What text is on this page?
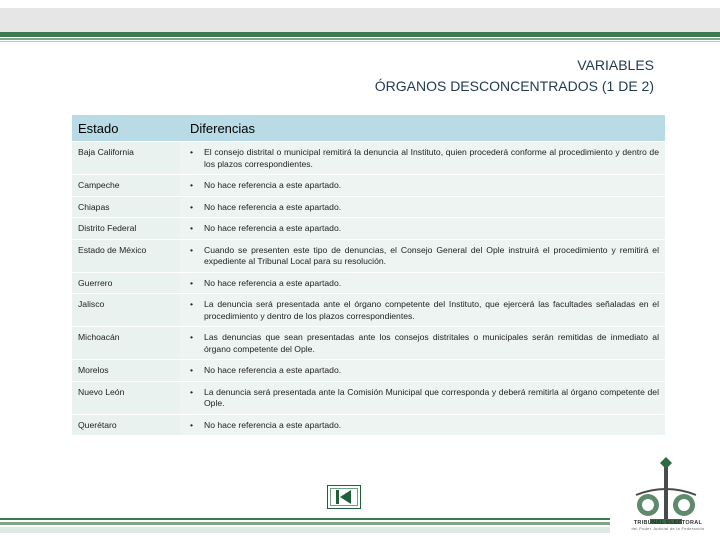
VARIABLES
ÓRGANOS DESCONCENTRADOS (1 DE 2)
Estado	Diferencias
Baja California	• El consejo distrital o municipal remitirá la denuncia al Instituto, quien procederá conforme al procedimiento y dentro de los plazos correspondientes.

Campeche	• No hace referencia a este apartado.

Chiapas	• No hace referencia a este apartado.

Distrito Federal	• No hace referencia a este apartado.

Estado de México	• Cuando se presenten este tipo de denuncias, el Consejo General del Ople instruirá el procedimiento y remitirá el expediente al Tribunal Local para su resolución.

Guerrero	• No hace referencia a este apartado.

Jalisco	• La denuncia será presentada ante el órgano competente del Instituto, que ejercerá las facultades señaladas en el procedimiento y dentro de los plazos correspondientes.

Michoacán	• Las denuncias que sean presentadas ante los consejos distritales o municipales serán remitidas de inmediato al órgano competente del Ople.

Morelos	• No hace referencia a este apartado.

Nuevo León	• La denuncia será presentada ante la Comisión Municipal que corresponda y deberá remitirla al órgano competente del Ople.

Querétaro	• No hace referencia a este apartado.
TRIBUNAL ELECTORAL
del Poder Judicial de la Federación
